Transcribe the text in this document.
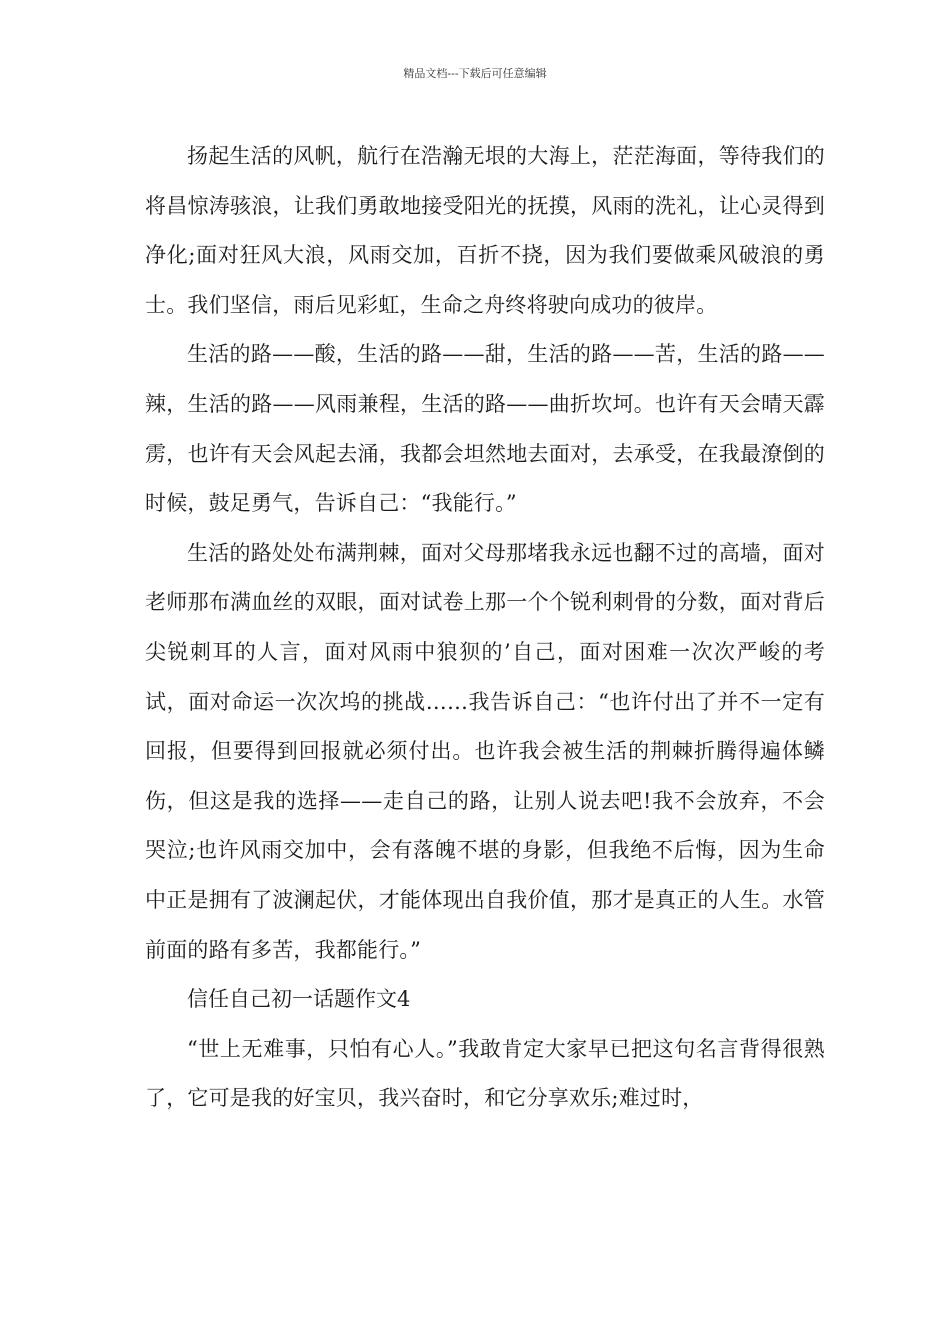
精品文档---下载后可任意编辑

扬起生活的风帆，航行在浩瀚无垠的大海上，茫茫海面，等待我们的将昌惊涛骇浪，让我们勇敢地接受阳光的抚摸，风雨的洗礼，让心灵得到净化;面对狂风大浪，风雨交加，百折不挠，因为我们要做乘风破浪的勇士。我们坚信，雨后见彩虹，生命之舟终将驶向成功的彼岸。

生活的路——酸，生活的路——甜，生活的路——苦，生活的路——辣，生活的路——风雨兼程，生活的路——曲折坎坷。也许有天会晴天霹雳，也许有天会风起去涌，我都会坦然地去面对，去承受，在我最潦倒的时候，鼓足勇气，告诉自己：“我能行。”

生活的路处处布满荆棘，面对父母那堵我永远也翻不过的高墙，面对老师那布满血丝的双眼，面对试卷上那一个个锐利刺骨的分数，面对背后尖锐刺耳的人言，面对风雨中狼狈的’自己，面对困难一次次严峻的考试，面对命运一次次坞的挑战……我告诉自己：“也许付出了并不一定有回报，但要得到回报就必须付出。也许我会被生活的荆棘折腾得遍体鳞伤，但这是我的选择——走自己的路，让别人说去吧!我不会放弃，不会哭泣;也许风雨交加中，会有落魄不堪的身影，但我绝不后悔，因为生命中正是拥有了波澜起伏，才能体现出自我价值，那才是真正的人生。水管前面的路有多苦，我都能行。”

信任自己初一话题作文4

“世上无难事，只怕有心人。”我敢肯定大家早已把这句名言背得很熟了，它可是我的好宝贝，我兴奋时，和它分享欢乐;难过时，
